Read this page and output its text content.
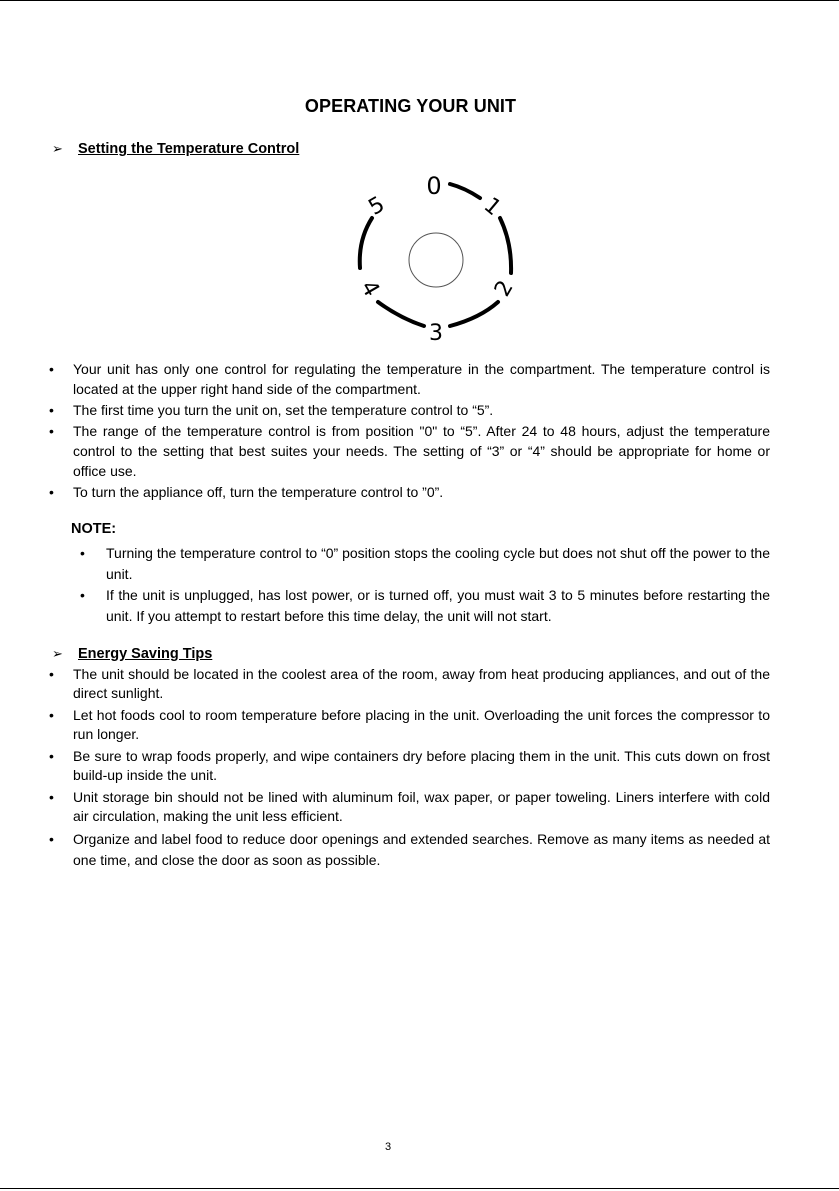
OPERATING YOUR UNIT
➢ Setting the Temperature Control
0
1
2
3
4
5
• Your unit has only one control for regulating the temperature in the compartment. The temperature control is located at the upper right hand side of the compartment.
• The first time you turn the unit on, set the temperature control to “5”.
• The range of the temperature control is from position "0" to “5”. After 24 to 48 hours, adjust the temperature control to the setting that best suites your needs. The setting of “3” or “4” should be appropriate for home or office use.
• To turn the appliance off, turn the temperature control to ”0”.
NOTE:
• Turning the temperature control to “0” position stops the cooling cycle but does not shut off the power to the unit.
• If the unit is unplugged, has lost power, or is turned off, you must wait 3 to 5 minutes before restarting the unit. If you attempt to restart before this time delay, the unit will not start.
➢ Energy Saving Tips
• The unit should be located in the coolest area of the room, away from heat producing appliances, and out of the direct sunlight.
• Let hot foods cool to room temperature before placing in the unit. Overloading the unit forces the compressor to run longer.
• Be sure to wrap foods properly, and wipe containers dry before placing them in the unit. This cuts down on frost build-up inside the unit.
• Unit storage bin should not be lined with aluminum foil, wax paper, or paper toweling. Liners interfere with cold air circulation, making the unit less efficient.
• Organize and label food to reduce door openings and extended searches. Remove as many items as needed at one time, and close the door as soon as possible.
3
